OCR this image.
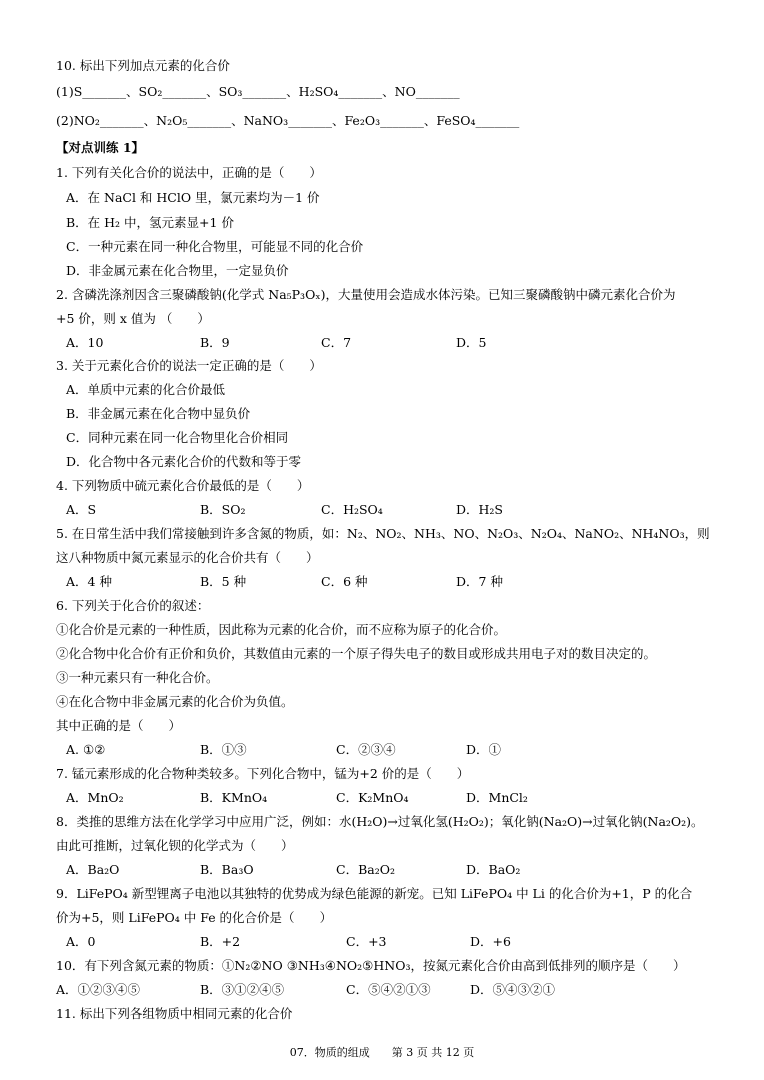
10. 标出下列加点元素的化合价
(1)S_______、SO₂_______、SO₃_______、H₂SO₄_______、NO_______
(2)NO₂_______、N₂O₅_______、NaNO₃_______、Fe₂O₃_______、FeSO₄_______
【对点训练 1】
1. 下列有关化合价的说法中，正确的是（　　）
A．在 NaCl 和 HClO 里，氯元素均为－1 价
B．在 H₂ 中，氢元素显+1 价
C．一种元素在同一种化合物里，可能显不同的化合价
D．非金属元素在化合物里，一定显负价
2. 含磷洗涤剂因含三聚磷酸钠(化学式 Na₅P₃Oₓ)，大量使用会造成水体污染。已知三聚磷酸钠中磷元素化合价为
+5 价，则 x 值为 （　　）
A．10	B．9	C．7	D．5
3. 关于元素化合价的说法一定正确的是（　　）
A．单质中元素的化合价最低
B．非金属元素在化合物中显负价
C．同种元素在同一化合物里化合价相同
D．化合物中各元素化合价的代数和等于零
4. 下列物质中硫元素化合价最低的是（　　）
A．S	B．SO₂	C．H₂SO₄	D．H₂S
5. 在日常生活中我们常接触到许多含氮的物质，如：N₂、NO₂、NH₃、NO、N₂O₃、N₂O₄、NaNO₂、NH₄NO₃，则
这八种物质中氮元素显示的化合价共有（　　）
A．4 种	B．5 种	C．6 种	D．7 种
6. 下列关于化合价的叙述：
①化合价是元素的一种性质，因此称为元素的化合价，而不应称为原子的化合价。
②化合物中化合价有正价和负价，其数值由元素的一个原子得失电子的数目或形成共用电子对的数目决定的。
③一种元素只有一种化合价。
④在化合物中非金属元素的化合价为负值。
其中正确的是（　　）
A. ①②	B．①③	C．②③④	D．①
7. 锰元素形成的化合物种类较多。下列化合物中，锰为+2 价的是（　　）
A．MnO₂	B．KMnO₄	C．K₂MnO₄	D．MnCl₂
8．类推的思维方法在化学学习中应用广泛，例如：水(H₂O)→过氧化氢(H₂O₂)；氧化钠(Na₂O)→过氧化钠(Na₂O₂)。
由此可推断，过氧化钡的化学式为（　　）
A．Ba₂O	B．Ba₃O	C．Ba₂O₂	D．BaO₂
9．LiFePO₄ 新型锂离子电池以其独特的优势成为绿色能源的新宠。已知 LiFePO₄ 中 Li 的化合价为+1，P 的化合
价为+5，则 LiFePO₄ 中 Fe 的化合价是（　　）
A．0	B．+2	C．+3	D．+6
10．有下列含氮元素的物质：①N₂②NO ③NH₃④NO₂⑤HNO₃，按氮元素化合价由高到低排列的顺序是（　　）
A．①②③④⑤	B．③①②④⑤	C．⑤④②①③	D．⑤④③②①
11. 标出下列各组物质中相同元素的化合价
07．物质的组成　　第 3 页 共 12 页
